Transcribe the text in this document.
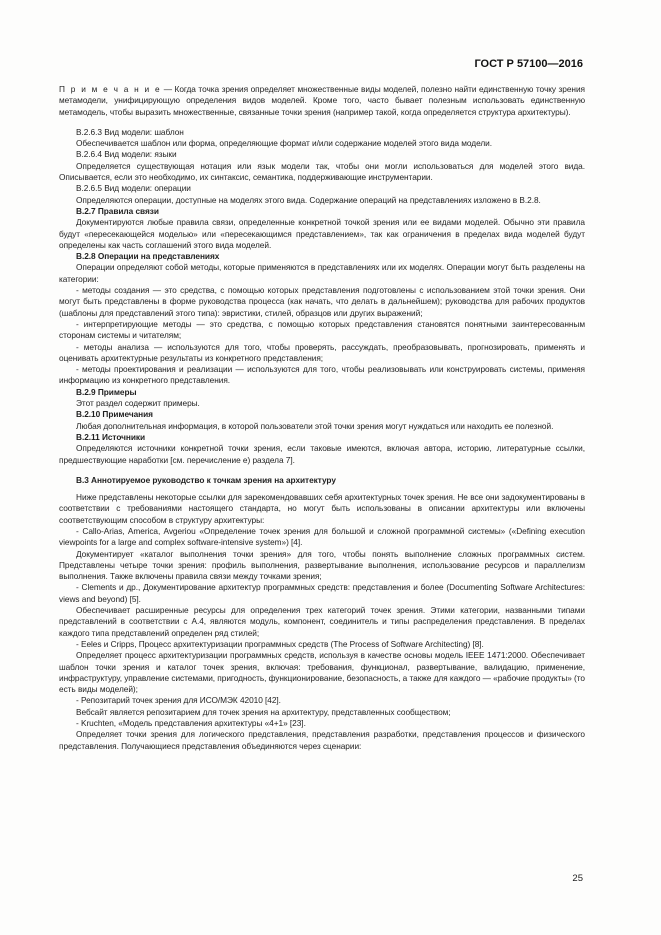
ГОСТ Р 57100—2016

П р и м е ч а н и е — Когда точка зрения определяет множественные виды моделей, полезно найти единственную точку зрения метамодели, унифицирующую определения видов моделей. Кроме того, часто бывает полезным использовать единственную метамодель, чтобы выразить множественные, связанные точки зрения (например такой, когда определяется структура архитектуры).

В.2.6.3 Вид модели: шаблон

Обеспечивается шаблон или форма, определяющие формат и/или содержание моделей этого вида модели.

В.2.6.4 Вид модели: языки

Определяется существующая нотация или язык модели так, чтобы они могли использоваться для моделей этого вида. Описывается, если это необходимо, их синтаксис, семантика, поддерживающие инструментарии.

В.2.6.5 Вид модели: операции

Определяются операции, доступные на моделях этого вида. Содержание операций на представлениях изложено в В.2.8.

В.2.7 Правила связи

Документируются любые правила связи, определенные конкретной точкой зрения или ее видами моделей. Обычно эти правила будут «пересекающейся моделью» или «пересекающимся представлением», так как ограничения в пределах вида моделей будут определены как часть соглашений этого вида моделей.

В.2.8 Операции на представлениях

Операции определяют собой методы, которые применяются в представлениях или их моделях. Операции могут быть разделены на категории:

- методы создания — это средства, с помощью которых представления подготовлены с использованием этой точки зрения. Они могут быть представлены в форме руководства процесса (как начать, что делать в дальнейшем); руководства для рабочих продуктов (шаблоны для представлений этого типа): эвристики, стилей, образцов или других выражений;

- интерпретирующие методы — это средства, с помощью которых представления становятся понятными заинтересованным сторонам системы и читателям;

- методы анализа — используются для того, чтобы проверять, рассуждать, преобразовывать, прогнозировать, применять и оценивать архитектурные результаты из конкретного представления;

- методы проектирования и реализации — используются для того, чтобы реализовывать или конструировать системы, применяя информацию из конкретного представления.

В.2.9 Примеры

Этот раздел содержит примеры.

В.2.10 Примечания

Любая дополнительная информация, в которой пользователи этой точки зрения могут нуждаться или находить ее полезной.

В.2.11 Источники

Определяются источники конкретной точки зрения, если таковые имеются, включая автора, историю, литературные ссылки, предшествующие наработки [см. перечисление е) раздела 7].

В.3 Аннотируемое руководство к точкам зрения на архитектуру

Ниже представлены некоторые ссылки для зарекомендовавших себя архитектурных точек зрения. Не все они задокументированы в соответствии с требованиями настоящего стандарта, но могут быть использованы в описании архитектуры или включены соответствующим способом в структуру архитектуры:

- Callo-Arias, America, Avgeriou «Определение точек зрения для большой и сложной программной системы» («Defining execution viewpoints for a large and complex software-intensive system») [4].

Документирует «каталог выполнения точки зрения» для того, чтобы понять выполнение сложных программных систем. Представлены четыре точки зрения: профиль выполнения, развертывание выполнения, использование ресурсов и параллелизм выполнения. Также включены правила связи между точками зрения;

- Clements и др., Документирование архитектур программных средств: представления и более (Documenting Software Architectures: views and beyond) [5].

Обеспечивает расширенные ресурсы для определения трех категорий точек зрения. Этими категории, названными типами представлений в соответствии с А.4, являются модуль, компонент, соединитель и типы распределения представления. В пределах каждого типа представлений определен ряд стилей;

- Eeles и Cripps, Процесс архитектуризации программных средств (The Process of Software Architecting) [8].

Определяет процесс архитектуризации программных средств, используя в качестве основы модель IEEE 1471:2000. Обеспечивает шаблон точки зрения и каталог точек зрения, включая: требования, функционал, развертывание, валидацию, применение, инфраструктуру, управление системами, пригодность, функционирование, безопасность, а также для каждого — «рабочие продукты» (то есть виды моделей);

- Репозитарий точек зрения для ИСО/МЭК 42010 [42].

Вебсайт является репозитарием для точек зрения на архитектуру, представленных сообществом;

- Kruchten, «Модель представления архитектуры «4+1» [23].

Определяет точки зрения для логического представления, представления разработки, представления процессов и физического представления. Получающиеся представления объединяются через сценарии:

25
